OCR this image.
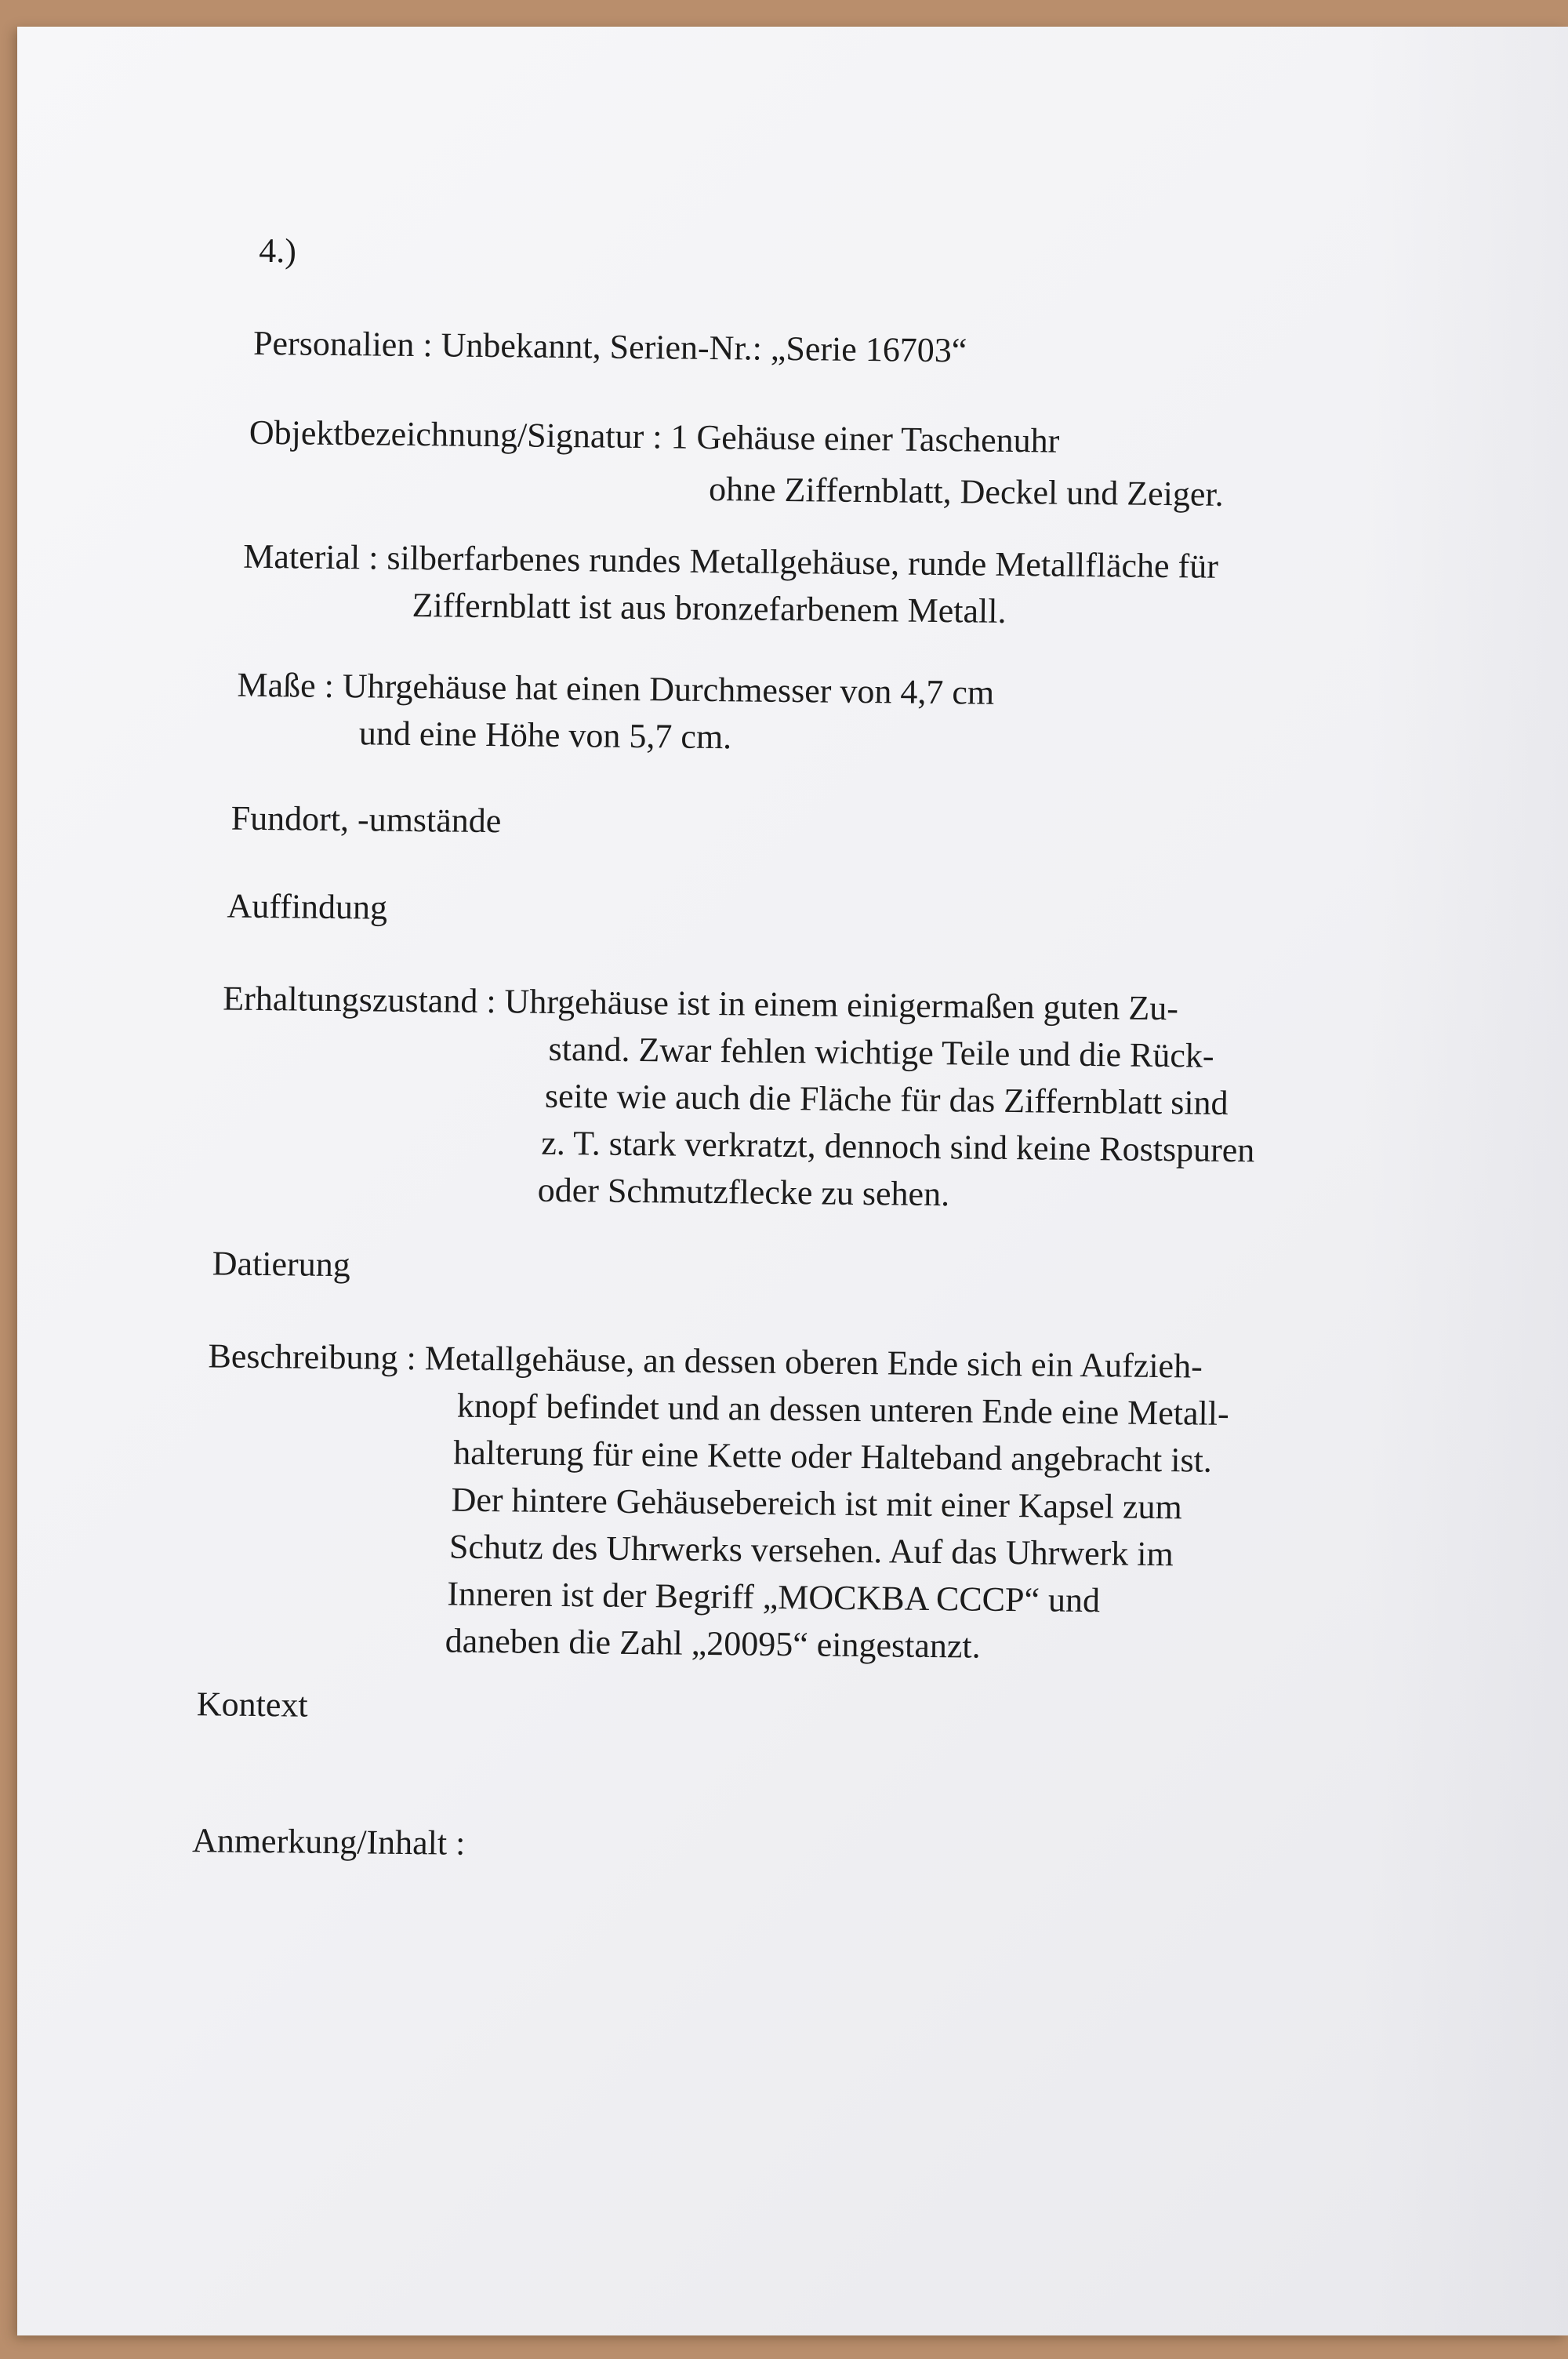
4.)
Personalien : Unbekannt, Serien-Nr.: „Serie 16703“
Objektbezeichnung/Signatur : 1 Gehäuse einer Taschenuhr
ohne Ziffernblatt, Deckel und Zeiger.
Material : silberfarbenes rundes Metallgehäuse, runde Metallfläche für
Ziffernblatt ist aus bronzefarbenem Metall.
Maße : Uhrgehäuse hat einen Durchmesser von 4,7 cm
und eine Höhe von 5,7 cm.
Fundort, -umstände
Auffindung
Erhaltungszustand : Uhrgehäuse ist in einem einigermaßen guten Zu-
stand. Zwar fehlen wichtige Teile und die Rück-
seite wie auch die Fläche für das Ziffernblatt sind
z. T. stark verkratzt, dennoch sind keine Rostspuren
oder Schmutzflecke zu sehen.
Datierung
Beschreibung : Metallgehäuse, an dessen oberen Ende sich ein Aufzieh-
knopf befindet und an dessen unteren Ende eine Metall-
halterung für eine Kette oder Halteband angebracht ist.
Der hintere Gehäusebereich ist mit einer Kapsel zum
Schutz des Uhrwerks versehen. Auf das Uhrwerk im
Inneren ist der Begriff „MOCKBA CCCP“ und
daneben die Zahl „20095“ eingestanzt.
Kontext
Anmerkung/Inhalt :
